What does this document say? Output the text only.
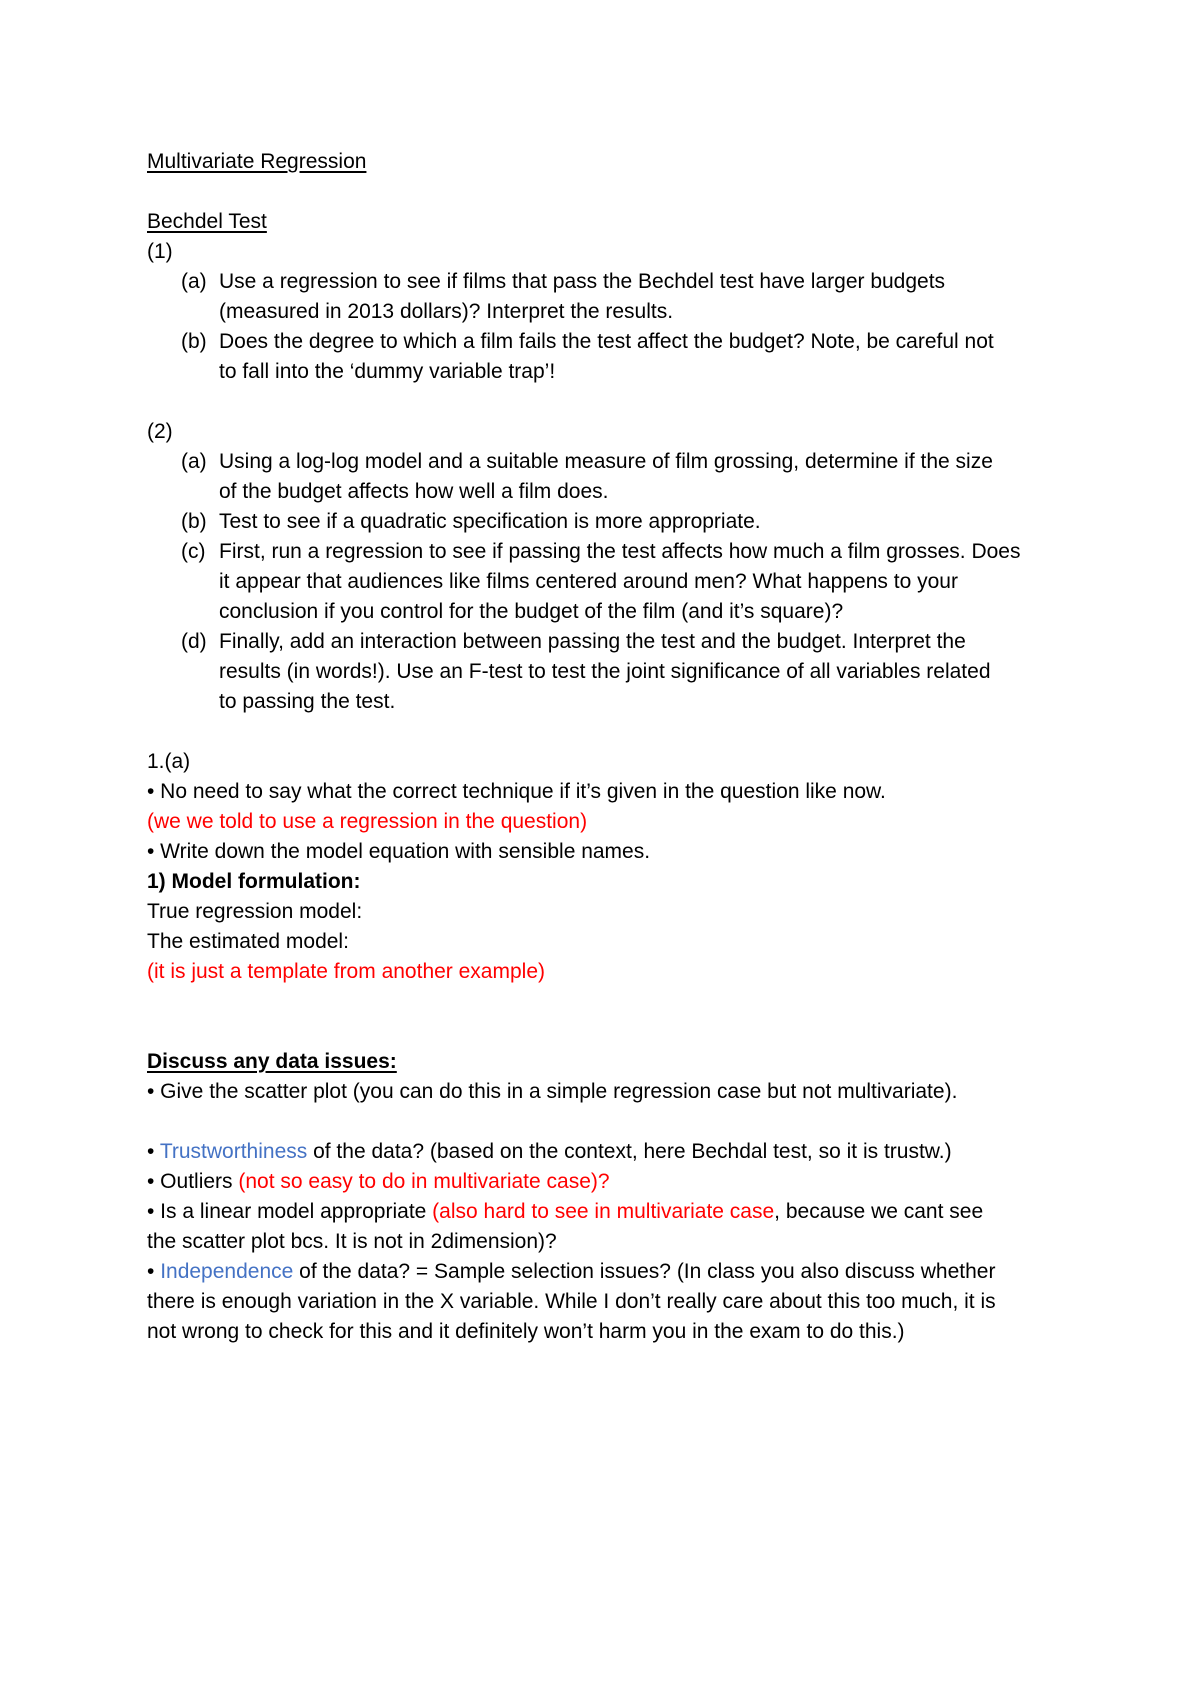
Multivariate Regression
Bechdel Test
(1)
(a) Use a regression to see if films that pass the Bechdel test have larger budgets
(measured in 2013 dollars)? Interpret the results.
(b) Does the degree to which a film fails the test affect the budget? Note, be careful not
to fall into the ‘dummy variable trap’!
(2)
(a) Using a log-log model and a suitable measure of film grossing, determine if the size
of the budget affects how well a film does.
(b) Test to see if a quadratic specification is more appropriate.
(c) First, run a regression to see if passing the test affects how much a film grosses. Does
it appear that audiences like films centered around men? What happens to your
conclusion if you control for the budget of the film (and it’s square)?
(d) Finally, add an interaction between passing the test and the budget. Interpret the
results (in words!). Use an F-test to test the joint significance of all variables related
to passing the test.
1.(a)
• No need to say what the correct technique if it’s given in the question like now.
(we we told to use a regression in the question)
• Write down the model equation with sensible names.
1) Model formulation:
True regression model:
The estimated model:
(it is just a template from another example)
Discuss any data issues:
• Give the scatter plot (you can do this in a simple regression case but not multivariate).
• Trustworthiness of the data? (based on the context, here Bechdal test, so it is trustw.)
• Outliers (not so easy to do in multivariate case)?
• Is a linear model appropriate (also hard to see in multivariate case, because we cant see
the scatter plot bcs. It is not in 2dimension)?
• Independence of the data? = Sample selection issues? (In class you also discuss whether
there is enough variation in the X variable. While I don’t really care about this too much, it is
not wrong to check for this and it definitely won’t harm you in the exam to do this.)
